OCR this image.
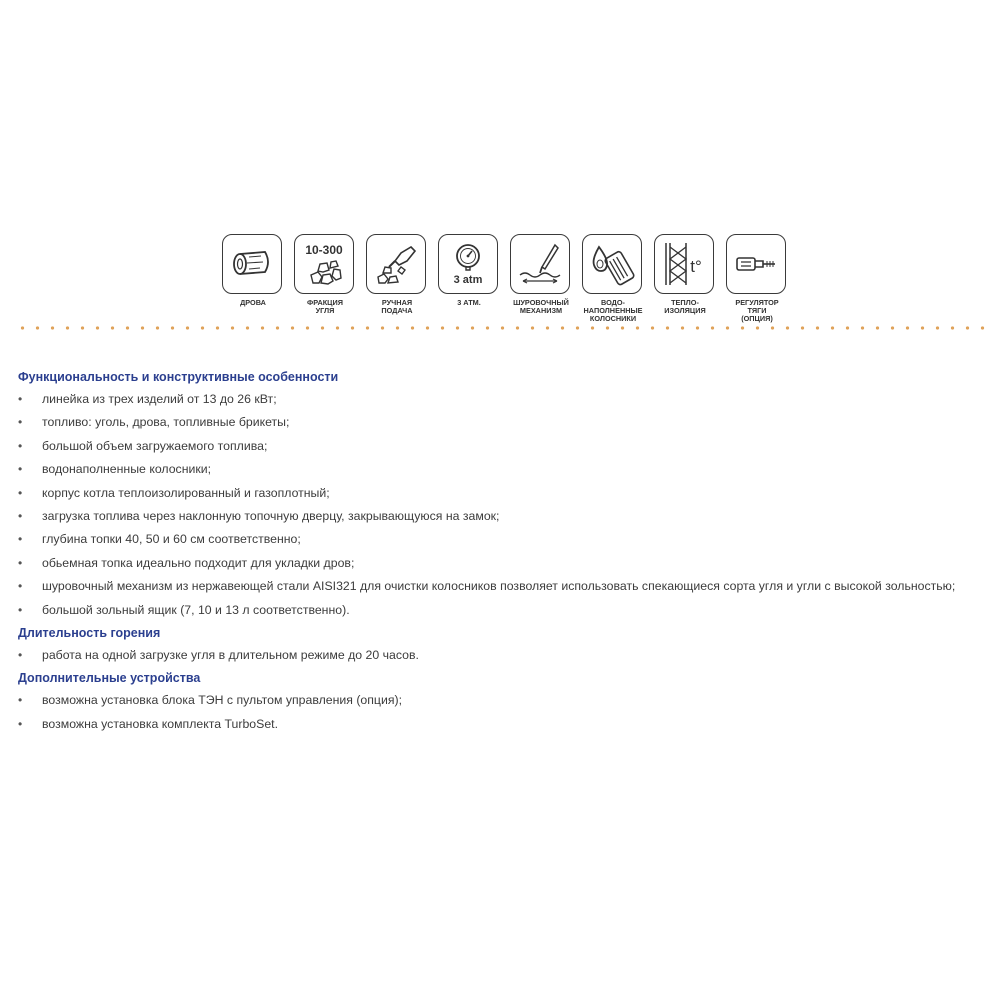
ДРОВА
10-300
ФРАКЦИЯ
УГЛЯ
РУЧНАЯ
ПОДАЧА
3 atm
3 АТМ.	ШУРОВОЧНЫЙ
МЕХАНИЗМ
ВОДО-
НАПОЛНЕННЫЕ
КОЛОСНИКИ
t°
ТЕПЛО-
ИЗОЛЯЦИЯ
РЕГУЛЯТОР
ТЯГИ
(ОПЦИЯ)
Функциональность и конструктивные особенности
• линейка из трех изделий от 13 до 26 кВт;
• топливо: уголь, дрова, топливные брикеты;
• большой объем загружаемого топлива;
• водонаполненные колосники;
• корпус котла теплоизолированный и газоплотный;
• загрузка топлива через наклонную топочную дверцу, закрывающуюся на замок;
• глубина топки 40, 50 и 60 см соответственно;
• обьемная топка идеально подходит для укладки дров;
• шуровочный механизм из нержавеющей стали AISI321 для очистки колосников позволяет использовать спекающиеся сорта угля и угли с высокой зольностью;
• большой зольный ящик (7, 10 и 13 л соответственно).
Длительность горения
• работа на одной загрузке угля в длительном режиме до 20 часов.
Дополнительные устройства
• возможна установка блока ТЭН с пультом управления (опция);
• возможна установка комплекта TurboSet.
